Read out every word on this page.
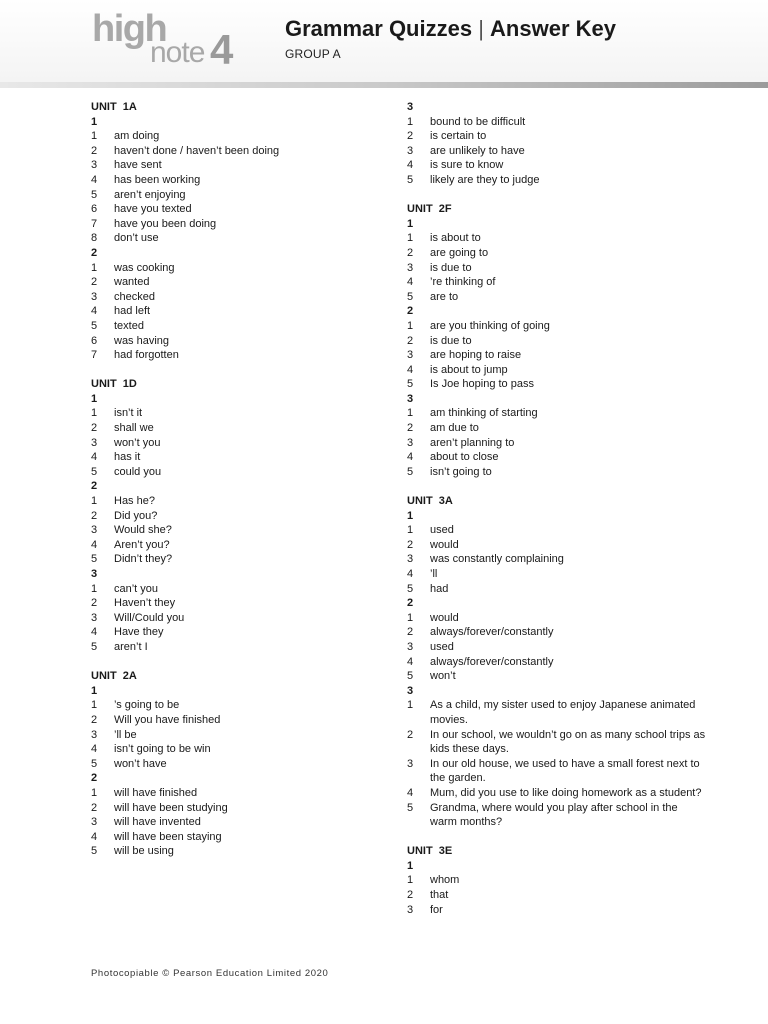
high
note 4 Grammar Quizzes | Answer Key
GROUP A
UNIT 1A
1
1	am doing
2	haven’t done / haven’t been doing
3	have sent
4	has been working
5	aren’t enjoying
6	have you texted
7	have you been doing
8	don’t use
2
1	was cooking
2	wanted
3	checked
4	had left
5	texted
6	was having
7	had forgotten
UNIT 1D
1
1	isn’t it
2	shall we
3	won’t you
4	has it
5	could you
2
1	Has he?
2	Did you?
3	Would she?
4	Aren’t you?
5	Didn’t they?
3
1	can’t you
2	Haven’t they
3	Will/Could you
4	Have they
5	aren’t I
UNIT 2A
1
1	’s going to be
2	Will you have finished
3	’ll be
4	isn’t going to be win
5	won’t have
2
1	will have finished
2	will have been studying
3	will have invented
4	will have been staying
5	will be using
3
1	bound to be difficult
2	is certain to
3	are unlikely to have
4	is sure to know
5	likely are they to judge
UNIT 2F
1
1	is about to
2	are going to
3	is due to
4	’re thinking of
5	are to
2
1	are you thinking of going
2	is due to
3	are hoping to raise
4	is about to jump
5	Is Joe hoping to pass
3
1	am thinking of starting
2	am due to
3	aren’t planning to
4	about to close
5	isn’t going to
UNIT 3A
1
1	used
2	would
3	was constantly complaining
4	’ll
5	had
2
1	would
2	always/forever/constantly
3	used
4	always/forever/constantly
5	won’t
3
1	As a child, my sister used to enjoy Japanese animated movies.
2	In our school, we wouldn’t go on as many school trips as kids these days.
3	In our old house, we used to have a small forest next to the garden.
4	Mum, did you use to like doing homework as a student?
5	Grandma, where would you play after school in the warm months?
UNIT 3E
1
1	whom
2	that
3	for
Photocopiable © Pearson Education Limited 2020
